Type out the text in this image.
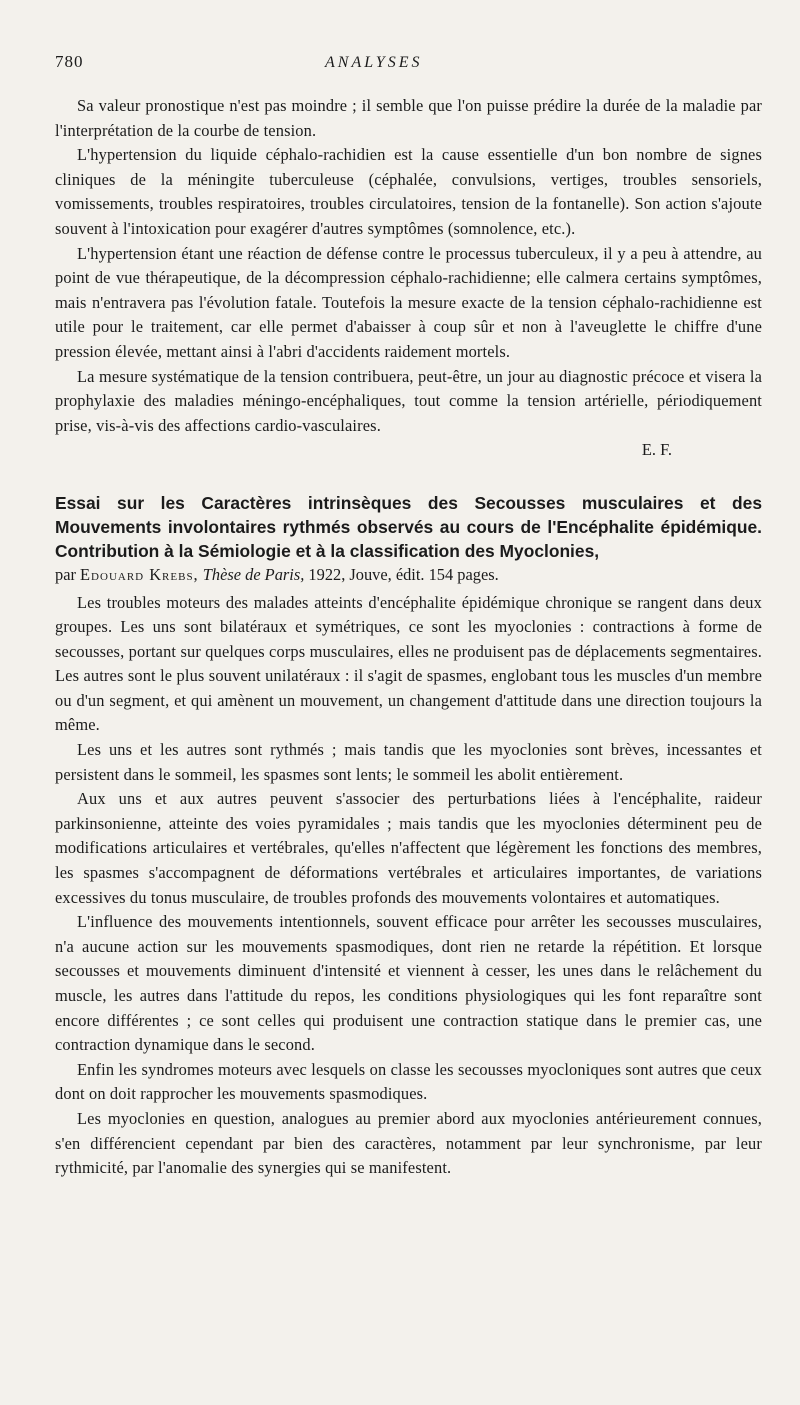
780	ANALYSES

Sa valeur pronostique n'est pas moindre ; il semble que l'on puisse prédire la durée de la maladie par l'interprétation de la courbe de tension.

L'hypertension du liquide céphalo-rachidien est la cause essentielle d'un bon nombre de signes cliniques de la méningite tuberculeuse (céphalée, convulsions, vertiges, troubles sensoriels, vomissements, troubles respiratoires, troubles circulatoires, tension de la fontanelle). Son action s'ajoute souvent à l'intoxication pour exagérer d'autres symptômes (somnolence, etc.).

L'hypertension étant une réaction de défense contre le processus tuberculeux, il y a peu à attendre, au point de vue thérapeutique, de la décompression céphalo-rachidienne; elle calmera certains symptômes, mais n'entravera pas l'évolution fatale. Toutefois la mesure exacte de la tension céphalo-rachidienne est utile pour le traitement, car elle permet d'abaisser à coup sûr et non à l'aveuglette le chiffre d'une pression élevée, mettant ainsi à l'abri d'accidents raidement mortels.

La mesure systématique de la tension contribuera, peut-être, un jour au diagnostic précoce et visera la prophylaxie des maladies méningo-encéphaliques, tout comme la tension artérielle, périodiquement prise, vis-à-vis des affections cardio-vasculaires.

E. F.
Essai sur les Caractères intrinsèques des Secousses musculaires et des Mouvements involontaires rythmés observés au cours de l'Encéphalite épidémique. Contribution à la Sémiologie et à la classification des Myoclonies,
par Edouard Krebs, Thèse de Paris, 1922, Jouve, édit. 154 pages.

Les troubles moteurs des malades atteints d'encéphalite épidémique chronique se rangent dans deux groupes. Les uns sont bilatéraux et symétriques, ce sont les myoclonies : contractions à forme de secousses, portant sur quelques corps musculaires, elles ne produisent pas de déplacements segmentaires. Les autres sont le plus souvent unilatéraux : il s'agit de spasmes, englobant tous les muscles d'un membre ou d'un segment, et qui amènent un mouvement, un changement d'attitude dans une direction toujours la même.

Les uns et les autres sont rythmés ; mais tandis que les myoclonies sont brèves, incessantes et persistent dans le sommeil, les spasmes sont lents; le sommeil les abolit entièrement.

Aux uns et aux autres peuvent s'associer des perturbations liées à l'encéphalite, raideur parkinsonienne, atteinte des voies pyramidales ; mais tandis que les myoclonies déterminent peu de modifications articulaires et vertébrales, qu'elles n'affectent que légèrement les fonctions des membres, les spasmes s'accompagnent de déformations vertébrales et articulaires importantes, de variations excessives du tonus musculaire, de troubles profonds des mouvements volontaires et automatiques.

L'influence des mouvements intentionnels, souvent efficace pour arrêter les secousses musculaires, n'a aucune action sur les mouvements spasmodiques, dont rien ne retarde la répétition. Et lorsque secousses et mouvements diminuent d'intensité et viennent à cesser, les unes dans le relâchement du muscle, les autres dans l'attitude du repos, les conditions physiologiques qui les font reparaître sont encore différentes ; ce sont celles qui produisent une contraction statique dans le premier cas, une contraction dynamique dans le second.

Enfin les syndromes moteurs avec lesquels on classe les secousses myocloniques sont autres que ceux dont on doit rapprocher les mouvements spasmodiques.

Les myoclonies en question, analogues au premier abord aux myoclonies antérieurement connues, s'en différencient cependant par bien des caractères, notamment par leur synchronisme, par leur rythmicité, par l'anomalie des synergies qui se manifestent.
